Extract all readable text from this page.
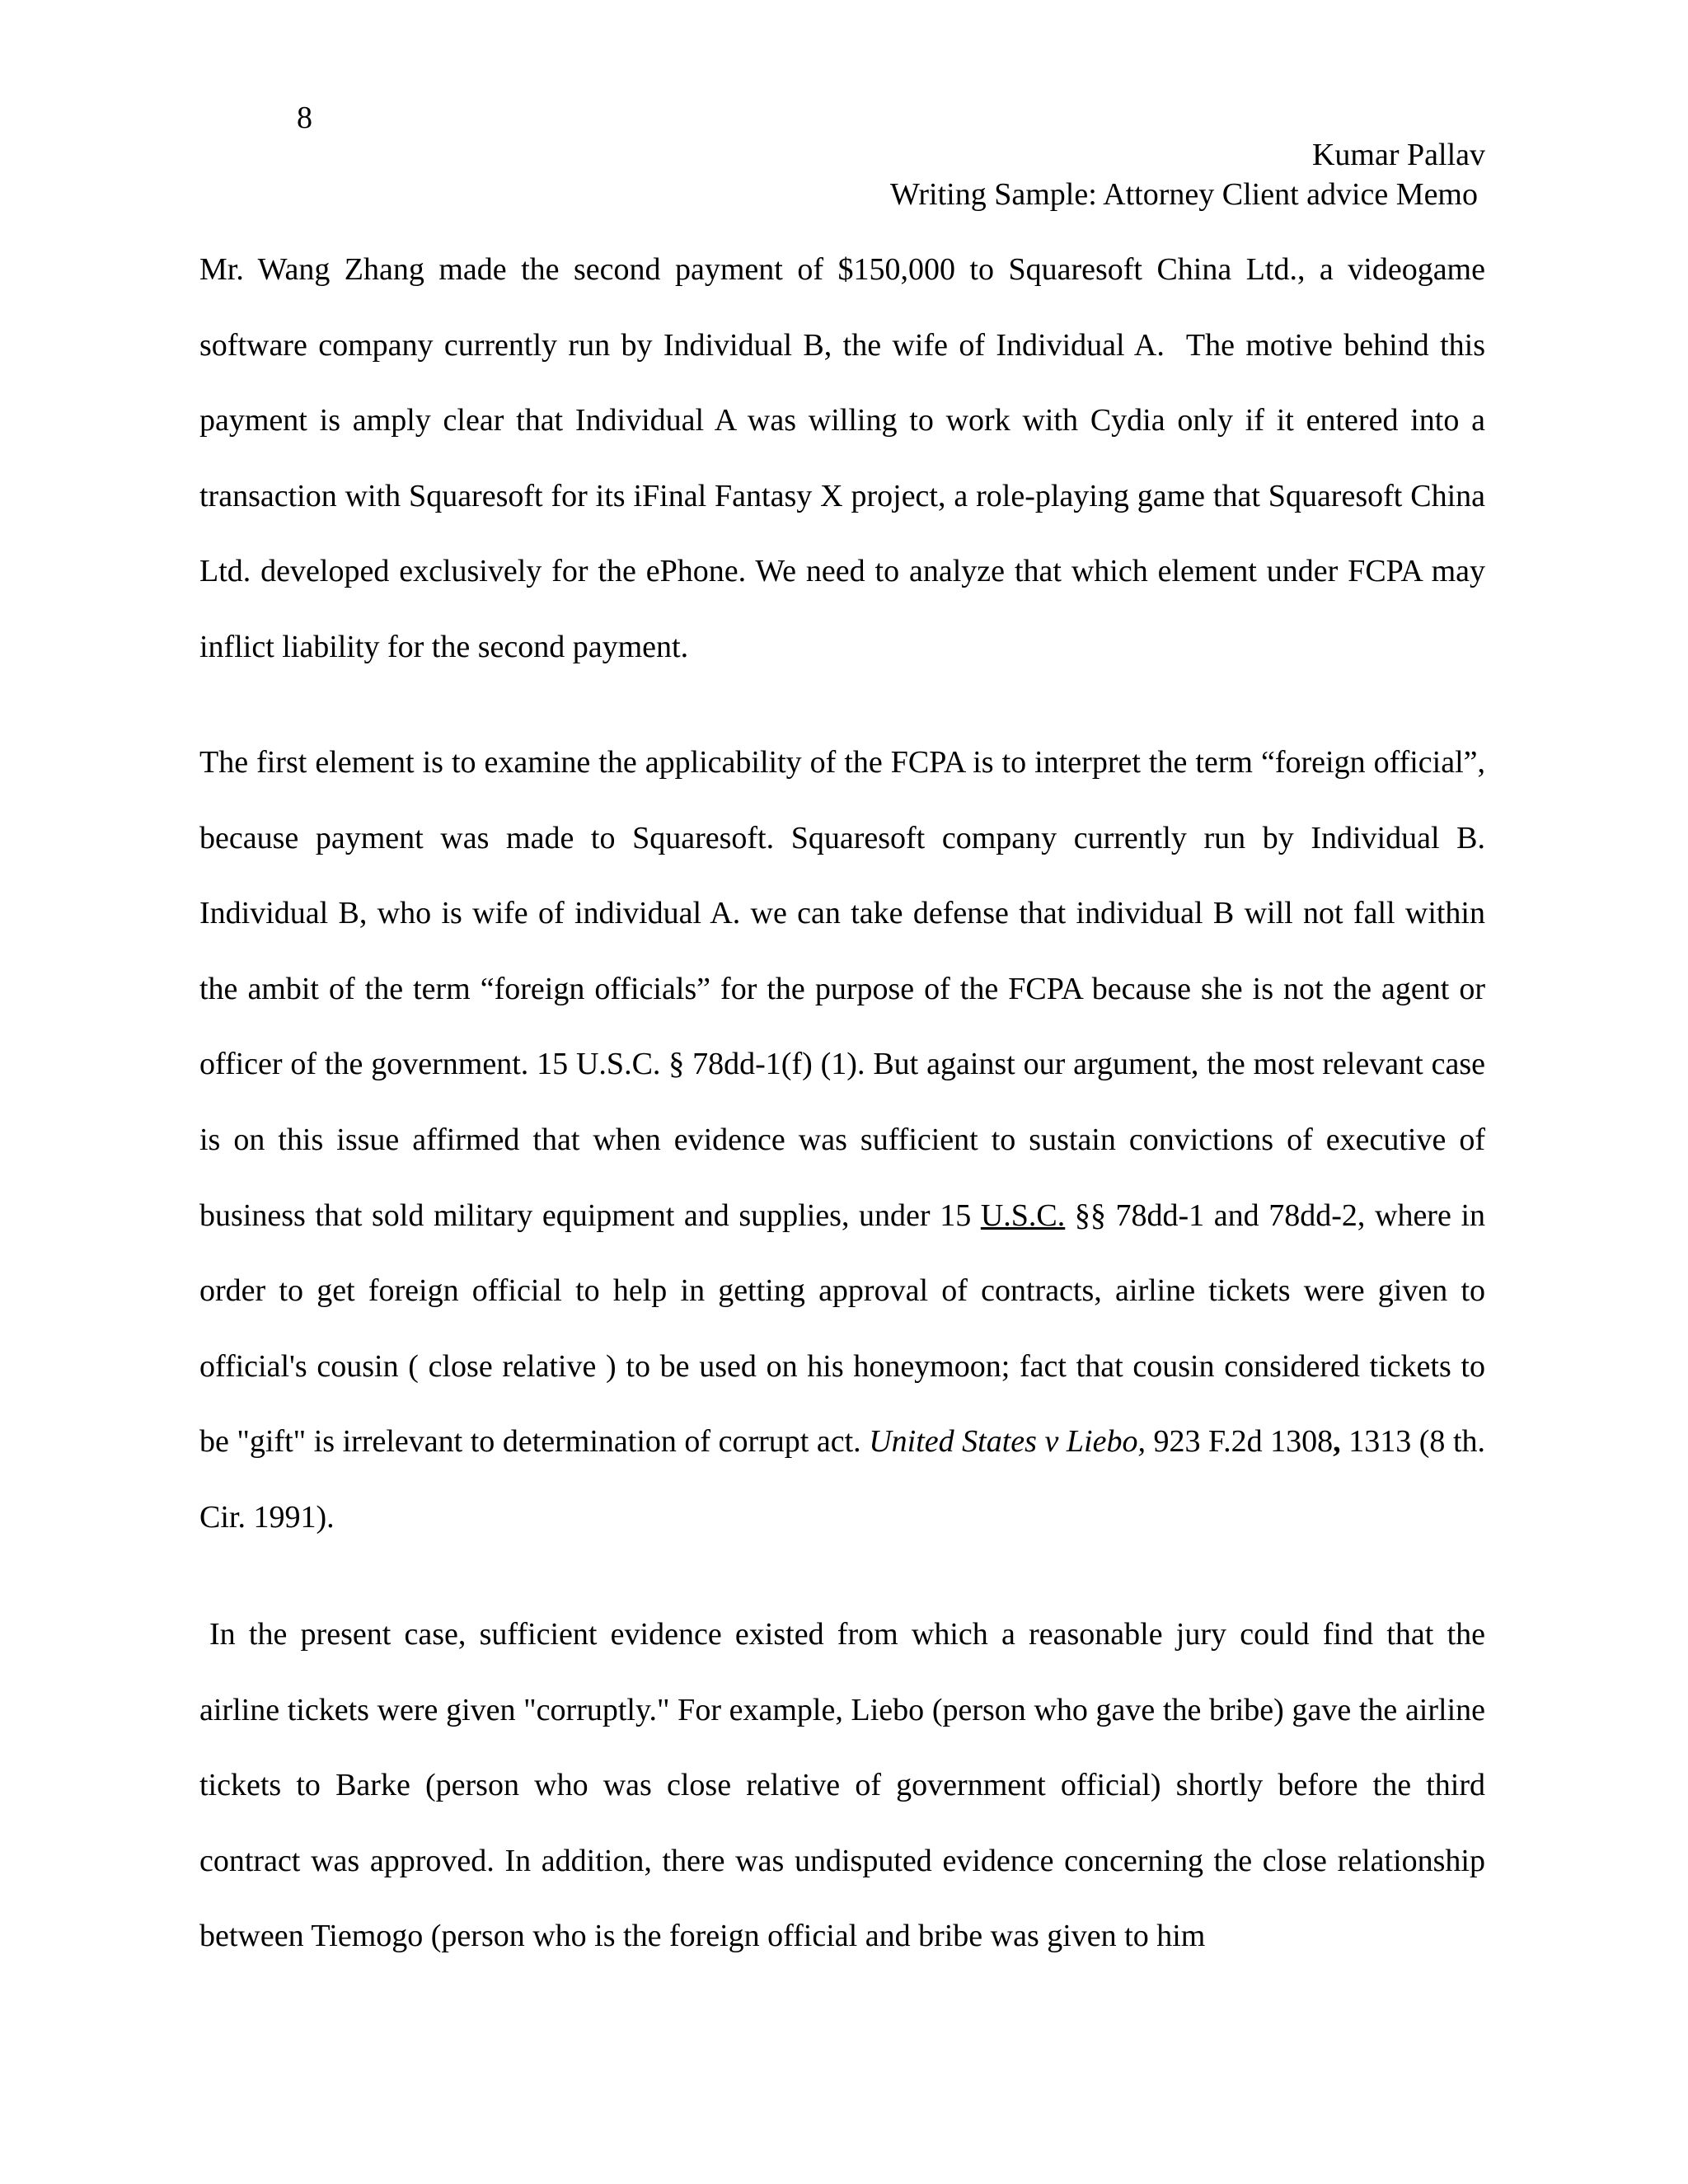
8
Kumar Pallav
Writing Sample: Attorney Client advice Memo

Mr. Wang Zhang made the second payment of $150,000 to Squaresoft China Ltd., a videogame software company currently run by Individual B, the wife of Individual A.  The motive behind this payment is amply clear that Individual A was willing to work with Cydia only if it entered into a transaction with Squaresoft for its iFinal Fantasy X project, a role-playing game that Squaresoft China Ltd. developed exclusively for the ePhone. We need to analyze that which element under FCPA may inflict liability for the second payment.

The first element is to examine the applicability of the FCPA is to interpret the term “foreign official”, because payment was made to Squaresoft. Squaresoft company currently run by Individual B. Individual B, who is wife of individual A. we can take defense that individual B will not fall within the ambit of the term “foreign officials” for the purpose of the FCPA because she is not the agent or officer of the government. 15 U.S.C. § 78dd-1(f) (1). But against our argument, the most relevant case is on this issue affirmed that when evidence was sufficient to sustain convictions of executive of business that sold military equipment and supplies, under 15 U.S.C. §§ 78dd-1 and 78dd-2, where in order to get foreign official to help in getting approval of contracts, airline tickets were given to official's cousin ( close relative ) to be used on his honeymoon; fact that cousin considered tickets to be "gift" is irrelevant to determination of corrupt act. United States v Liebo, 923 F.2d 1308, 1313 (8 th. Cir. 1991).

In the present case, sufficient evidence existed from which a reasonable jury could find that the airline tickets were given "corruptly." For example, Liebo (person who gave the bribe) gave the airline tickets to Barke (person who was close relative of government official) shortly before the third contract was approved. In addition, there was undisputed evidence concerning the close relationship between Tiemogo (person who is the foreign official and bribe was given to him
